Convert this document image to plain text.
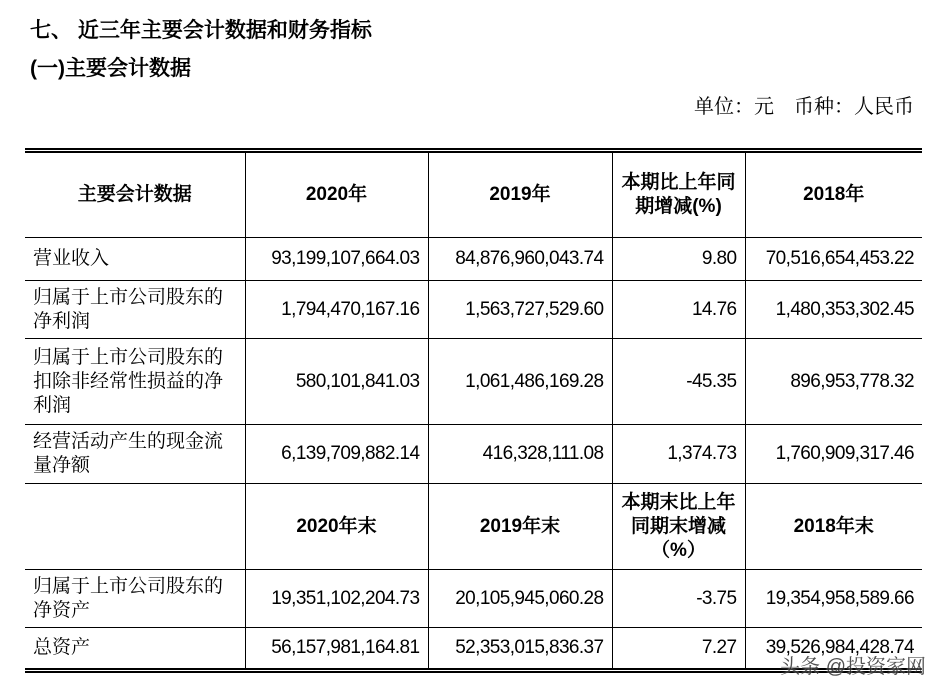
七、 近三年主要会计数据和财务指标
(一)主要会计数据
单位：元　币种：人民币
主要会计数据	2020年	2019年	本期比上年同期增减(%)	2018年
营业收入	93,199,107,664.03	84,876,960,043.74	9.80	70,516,654,453.22
归属于上市公司股东的净利润	1,794,470,167.16	1,563,727,529.60	14.76	1,480,353,302.45
归属于上市公司股东的扣除非经常性损益的净利润	580,101,841.03	1,061,486,169.28	-45.35	896,953,778.32
经营活动产生的现金流量净额	6,139,709,882.14	416,328,111.08	1,374.73	1,760,909,317.46
	2020年末	2019年末	本期末比上年同期末增减（%）	2018年末
归属于上市公司股东的净资产	19,351,102,204.73	20,105,945,060.28	-3.75	19,354,958,589.66
总资产	56,157,981,164.81	52,353,015,836.37	7.27	39,526,984,428.74
头条 @投资家网
